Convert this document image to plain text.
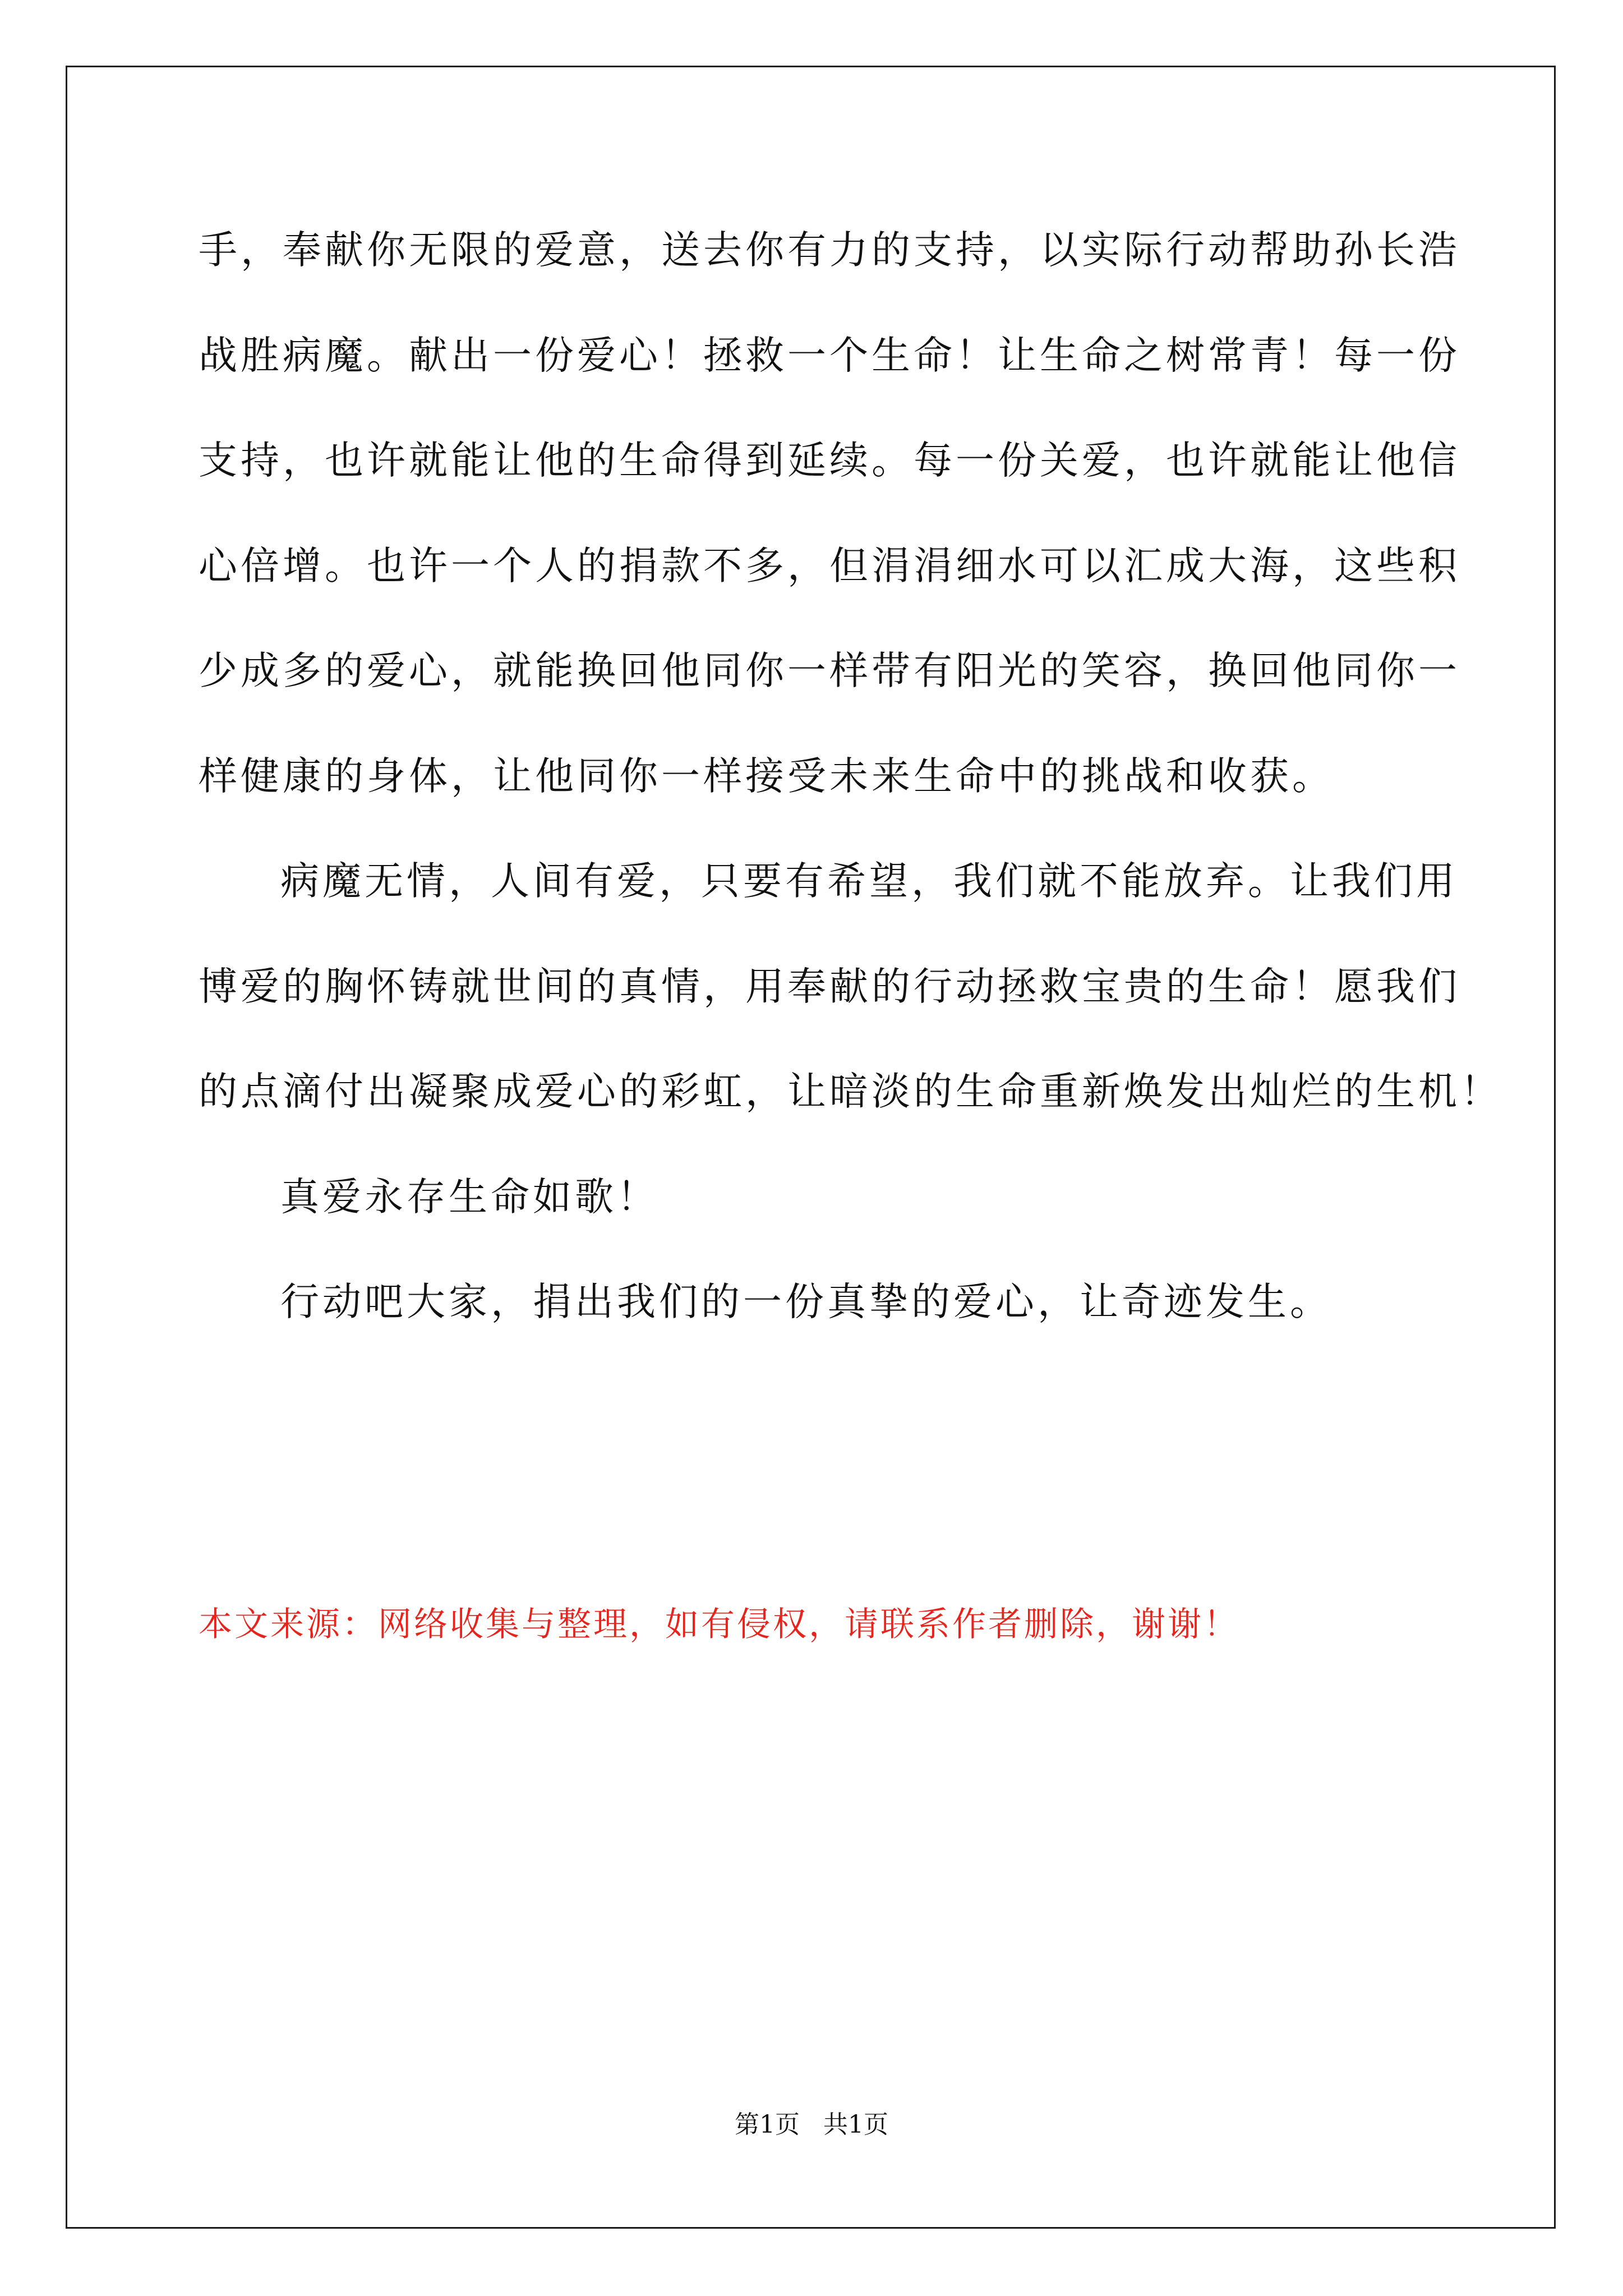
手，奉献你无限的爱意，送去你有力的支持，以实际行动帮助孙长浩
战胜病魔。献出一份爱心！拯救一个生命！让生命之树常青！每一份
支持，也许就能让他的生命得到延续。每一份关爱，也许就能让他信
心倍增。也许一个人的捐款不多，但涓涓细水可以汇成大海，这些积
少成多的爱心，就能换回他同你一样带有阳光的笑容，换回他同你一
样健康的身体，让他同你一样接受未来生命中的挑战和收获。
病魔无情，人间有爱，只要有希望，我们就不能放弃。让我们用
博爱的胸怀铸就世间的真情，用奉献的行动拯救宝贵的生命！愿我们
的点滴付出凝聚成爱心的彩虹，让暗淡的生命重新焕发出灿烂的生机！
真爱永存生命如歌！
行动吧大家，捐出我们的一份真挚的爱心，让奇迹发生。
本文来源：网络收集与整理，如有侵权，请联系作者删除，谢谢！
第1页   共1页
